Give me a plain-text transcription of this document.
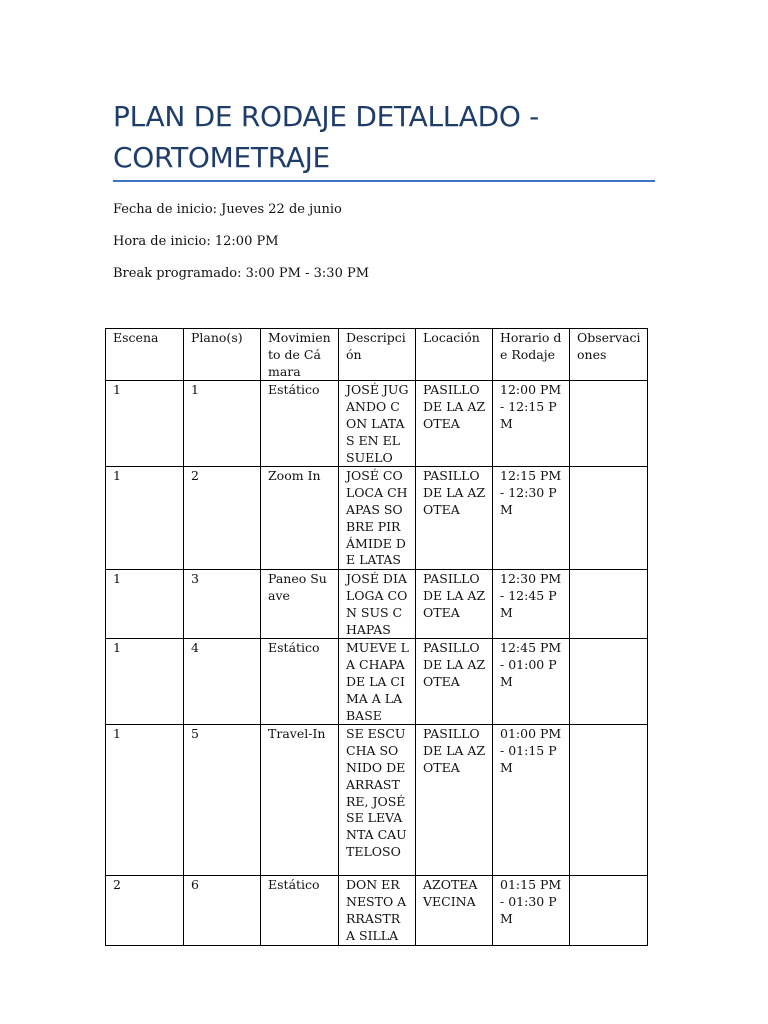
PLAN DE RODAJE DETALLADO - CORTOMETRAJE
Fecha de inicio: Jueves 22 de junio
Hora de inicio: 12:00 PM
Break programado: 3:00 PM - 3:30 PM
Escena	Plano(s)	Movimiento de Cámara	Descripción	Locación	Horario de Rodaje	Observaciones
1	1	Estático	JOSÉ JUGANDO CON LATAS EN EL SUELO	PASILLO DE LA AZOTEA	12:00 PM - 12:15 PM	
1	2	Zoom In	JOSÉ COLOCA CHAPAS SOBRE PIRÁMIDE DE LATAS	PASILLO DE LA AZOTEA	12:15 PM - 12:30 PM	
1	3	Paneo Suave	JOSÉ DIALOGA CON SUS CHAPAS	PASILLO DE LA AZOTEA	12:30 PM - 12:45 PM	
1	4	Estático	MUEVE LA CHAPA DE LA CIMA A LA BASE	PASILLO DE LA AZOTEA	12:45 PM - 01:00 PM	
1	5	Travel-In	SE ESCUCHA SONIDO DE ARRASTRE, JOSÉ SE LEVANTA CAUTELOSO	PASILLO DE LA AZOTEA	01:00 PM - 01:15 PM	
2	6	Estático	DON ERNESTO ARRASTRA SILLA	AZOTEA VECINA	01:15 PM - 01:30 PM	
